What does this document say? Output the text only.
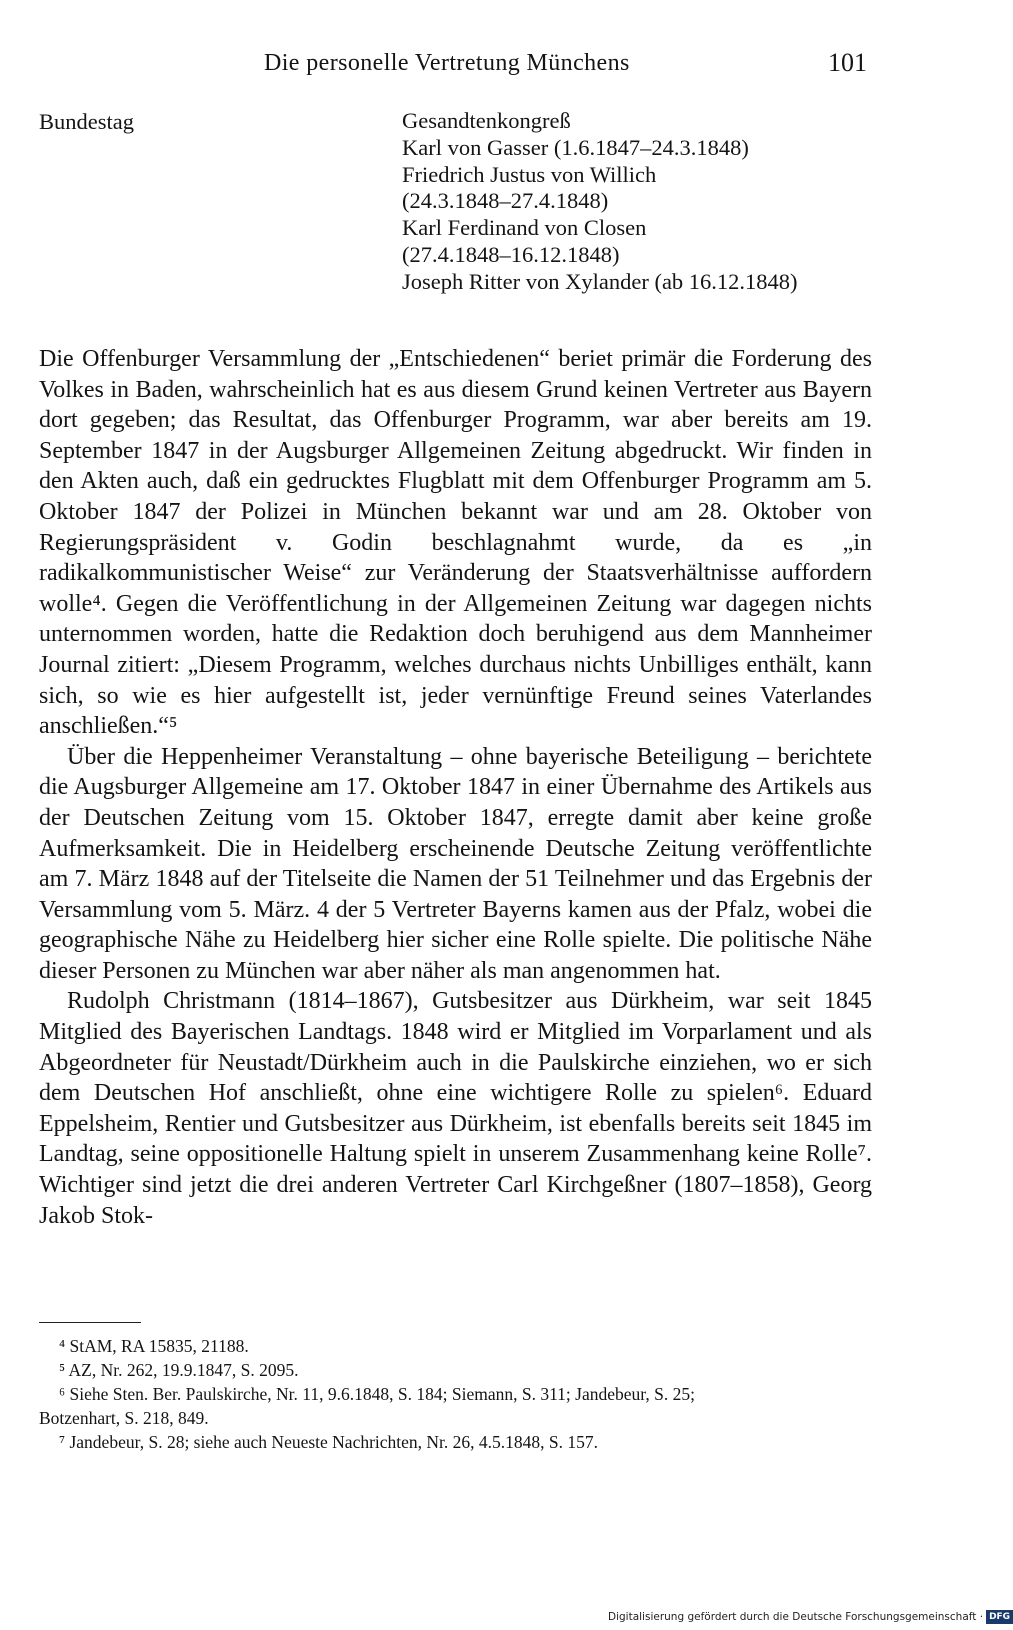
Die personelle Vertretung Münchens	101
Bundestag	Gesandtenkongreß
Karl von Gasser (1.6.1847–24.3.1848)
Friedrich Justus von Willich
(24.3.1848–27.4.1848)
Karl Ferdinand von Closen
(27.4.1848–16.12.1848)
Joseph Ritter von Xylander (ab 16.12.1848)

Die Offenburger Versammlung der „Entschiedenen“ beriet primär die Forderung des Volkes in Baden, wahrscheinlich hat es aus diesem Grund keinen Vertreter aus Bayern dort gegeben; das Resultat, das Offenburger Programm, war aber bereits am 19. September 1847 in der Augsburger Allgemeinen Zeitung abgedruckt. Wir finden in den Akten auch, daß ein gedrucktes Flugblatt mit dem Offenburger Programm am 5. Oktober 1847 der Polizei in München bekannt war und am 28. Oktober von Regierungspräsident v. Godin beschlagnahmt wurde, da es „in radikalkommunistischer Weise“ zur Veränderung der Staatsverhältnisse auffordern wolle⁴. Gegen die Veröffentlichung in der Allgemeinen Zeitung war dagegen nichts unternommen worden, hatte die Redaktion doch beruhigend aus dem Mannheimer Journal zitiert: „Diesem Programm, welches durchaus nichts Unbilliges enthält, kann sich, so wie es hier aufgestellt ist, jeder vernünftige Freund seines Vaterlandes anschließen.“⁵

Über die Heppenheimer Veranstaltung – ohne bayerische Beteiligung – berichtete die Augsburger Allgemeine am 17. Oktober 1847 in einer Übernahme des Artikels aus der Deutschen Zeitung vom 15. Oktober 1847, erregte damit aber keine große Aufmerksamkeit. Die in Heidelberg erscheinende Deutsche Zeitung veröffentlichte am 7. März 1848 auf der Titelseite die Namen der 51 Teilnehmer und das Ergebnis der Versammlung vom 5. März. 4 der 5 Vertreter Bayerns kamen aus der Pfalz, wobei die geographische Nähe zu Heidelberg hier sicher eine Rolle spielte. Die politische Nähe dieser Personen zu München war aber näher als man angenommen hat.

Rudolph Christmann (1814–1867), Gutsbesitzer aus Dürkheim, war seit 1845 Mitglied des Bayerischen Landtags. 1848 wird er Mitglied im Vorparlament und als Abgeordneter für Neustadt/Dürkheim auch in die Paulskirche einziehen, wo er sich dem Deutschen Hof anschließt, ohne eine wichtigere Rolle zu spielen⁶. Eduard Eppelsheim, Rentier und Gutsbesitzer aus Dürkheim, ist ebenfalls bereits seit 1845 im Landtag, seine oppositionelle Haltung spielt in unserem Zusammenhang keine Rolle⁷. Wichtiger sind jetzt die drei anderen Vertreter Carl Kirchgeßner (1807–1858), Georg Jakob Stok-

⁴ StAM, RA 15835, 21188.
⁵ AZ, Nr. 262, 19.9.1847, S. 2095.
⁶ Siehe Sten. Ber. Paulskirche, Nr. 11, 9.6.1848, S. 184; Siemann, S. 311; Jandebeur, S. 25;
Botzenhart, S. 218, 849.
⁷ Jandebeur, S. 28; siehe auch Neueste Nachrichten, Nr. 26, 4.5.1848, S. 157.
Digitalisierung gefördert durch die Deutsche Forschungsgemeinschaft · DFG
